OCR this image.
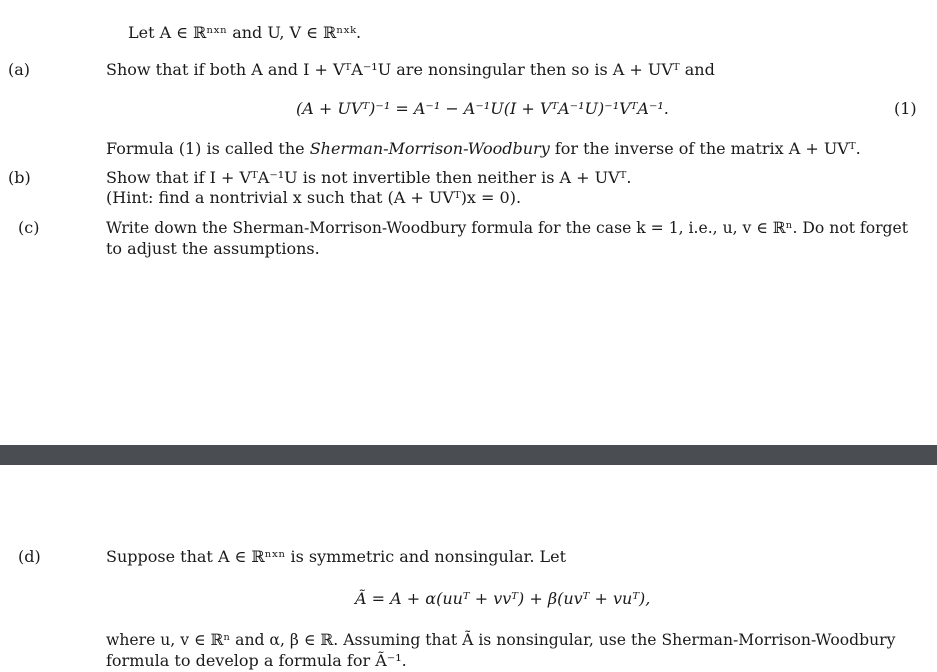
Let A ∈ ℝⁿˣⁿ and U, V ∈ ℝⁿˣᵏ.
(a)	Show that if both A and I + VᵀA⁻¹U are nonsingular then so is A + UVᵀ and
(A + UVᵀ)⁻¹ = A⁻¹ − A⁻¹U(I + VᵀA⁻¹U)⁻¹VᵀA⁻¹.	(1)
Formula (1) is called the Sherman-Morrison-Woodbury for the inverse of the matrix A + UVᵀ.
(b)	Show that if I + VᵀA⁻¹U is not invertible then neither is A + UVᵀ.
(Hint: find a nontrivial x such that (A + UVᵀ)x = 0).
(c)	Write down the Sherman-Morrison-Woodbury formula for the case k = 1, i.e., u, v ∈ ℝⁿ. Do not forget
to adjust the assumptions.
(d)	Suppose that A ∈ ℝⁿˣⁿ is symmetric and nonsingular. Let
Ã = A + α(uuᵀ + vvᵀ) + β(uvᵀ + vuᵀ),
where u, v ∈ ℝⁿ and α, β ∈ ℝ. Assuming that Ã is nonsingular, use the Sherman-Morrison-Woodbury
formula to develop a formula for Ã⁻¹.
